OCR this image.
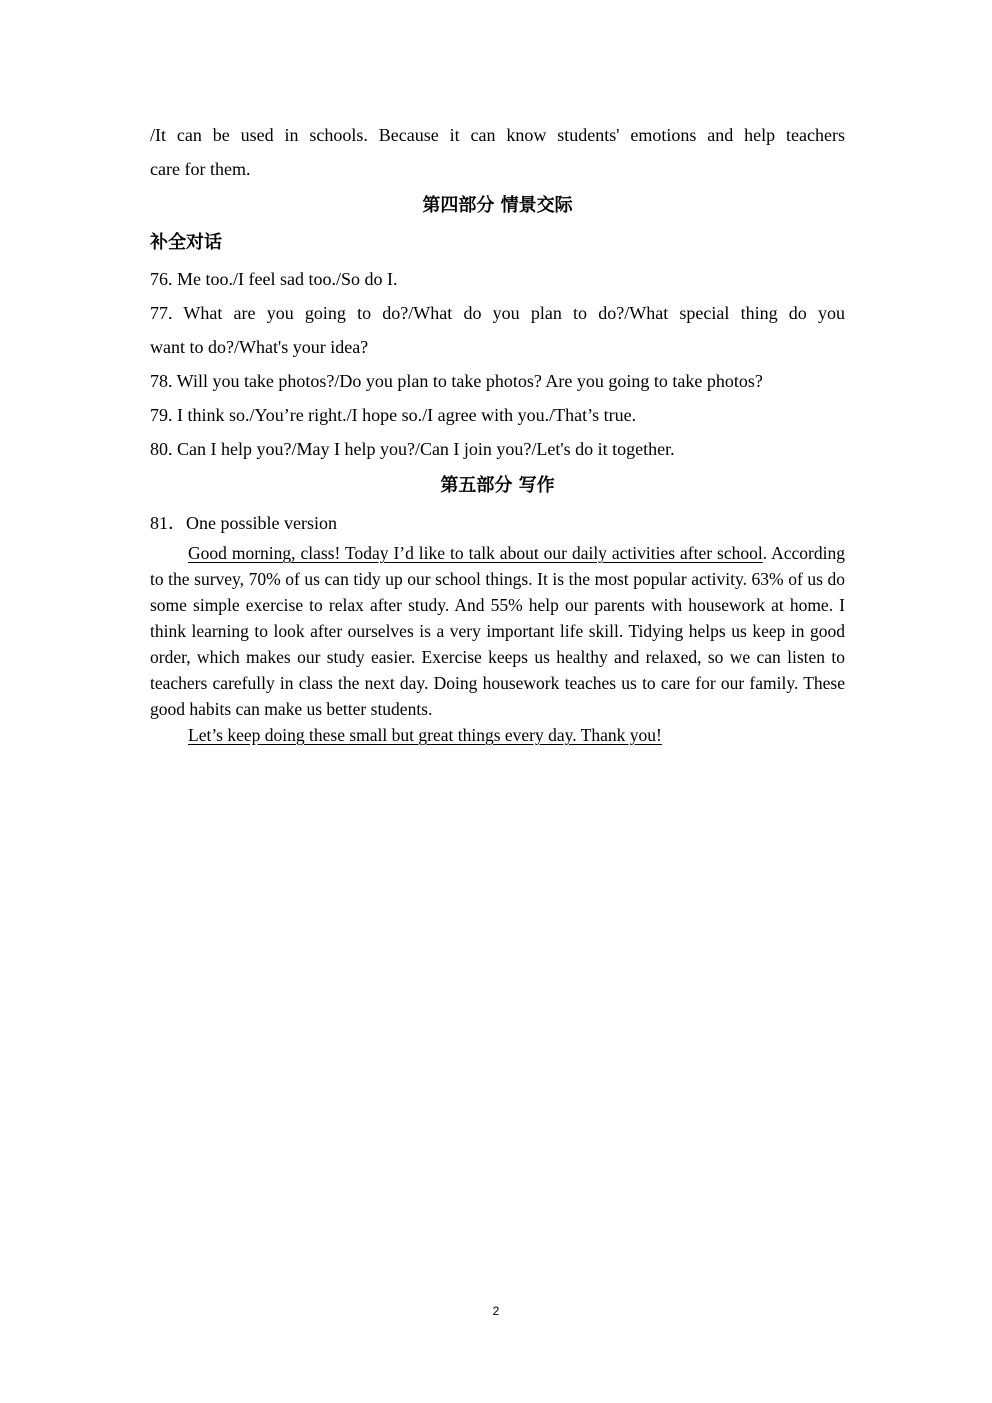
/It can be used in schools. Because it can know students' emotions and help teachers
care for them.
第四部分 情景交际
补全对话
76. Me too./I feel sad too./So do I.
77. What are you going to do?/What do you plan to do?/What special thing do you
want to do?/What's your idea?
78. Will you take photos?/Do you plan to take photos? Are you going to take photos?
79. I think so./You’re right./I hope so./I agree with you./That’s true.
80. Can I help you?/May I help you?/Can I join you?/Let's do it together.
第五部分 写作
81．One possible version

Good morning, class! Today I’d like to talk about our daily activities after school. According to the survey, 70% of us can tidy up our school things. It is the most popular activity. 63% of us do some simple exercise to relax after study. And 55% help our parents with housework at home. I think learning to look after ourselves is a very important life skill. Tidying helps us keep in good order, which makes our study easier. Exercise keeps us healthy and relaxed, so we can listen to teachers carefully in class the next day. Doing housework teaches us to care for our family. These good habits can make us better students.

Let’s keep doing these small but great things every day. Thank you!

2
